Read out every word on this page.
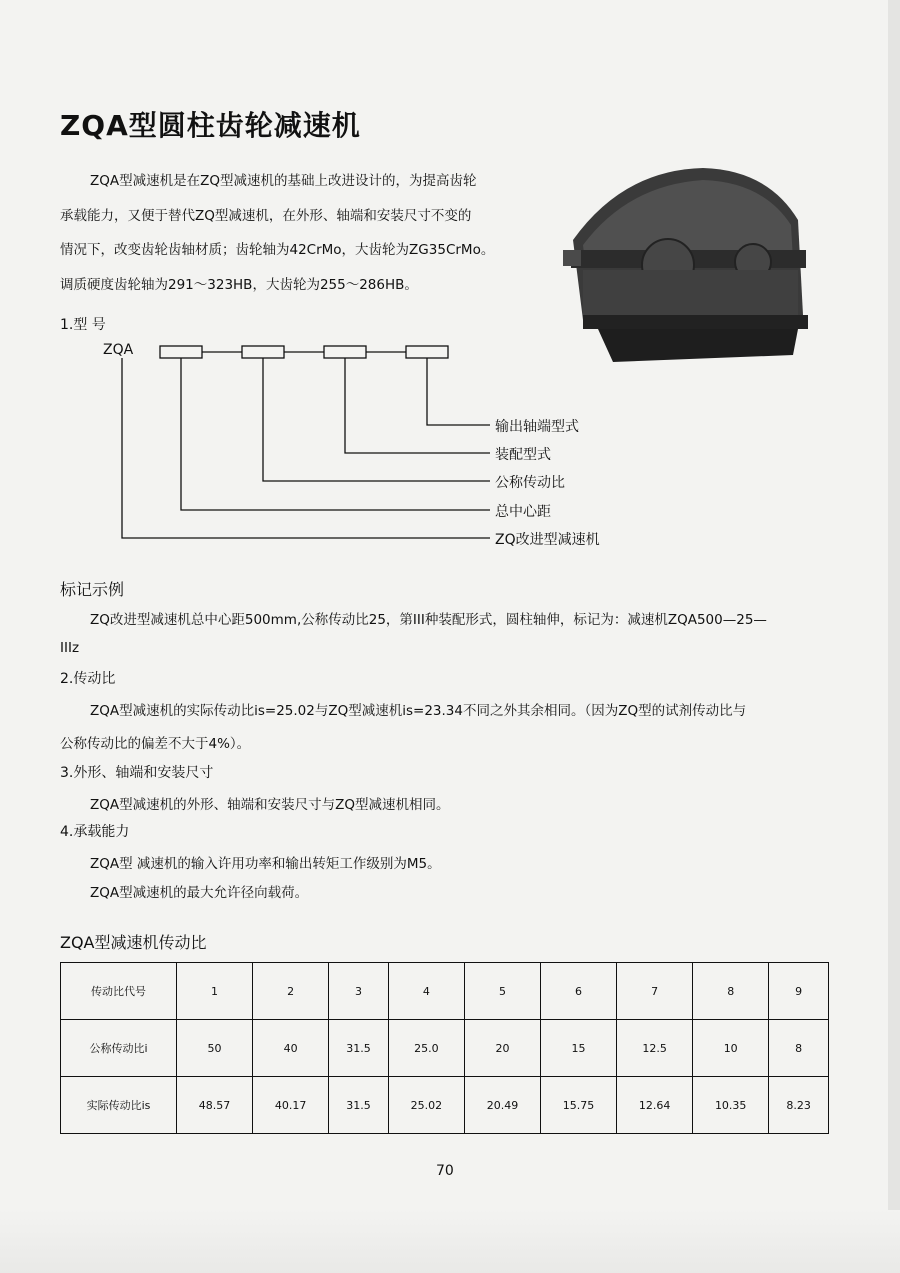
ZQA型圆柱齿轮减速机

ZQA型减速机是在ZQ型减速机的基础上改进设计的，为提高齿轮

承载能力，又便于替代ZQ型减速机，在外形、轴端和安装尺寸不变的

情况下，改变齿轮齿轴材质；齿轮轴为42CrMo，大齿轮为ZG35CrMo。

调质硬度齿轮轴为291～323HB，大齿轮为255～286HB。

1.型 号
ZQA
输出轴端型式
装配型式
公称传动比
总中心距
ZQ改进型减速机
标记示例
ZQ改进型减速机总中心距500mm,公称传动比25，第III种装配形式，圆柱轴伸，标记为：减速机ZQA500—25—
IIIz
2.传动比
ZQA型减速机的实际传动比is=25.02与ZQ型减速机is=23.34不同之外其余相同。（因为ZQ型的试剂传动比与
公称传动比的偏差不大于4%）。
3.外形、轴端和安装尺寸
ZQA型减速机的外形、轴端和安装尺寸与ZQ型减速机相同。
4.承载能力
ZQA型 减速机的输入许用功率和输出转矩工作级别为M5。
ZQA型减速机的最大允许径向载荷。
ZQA型减速机传动比
传动比代号	1	2	3	4	5	6	7	8	9
公称传动比i	50	40	31.5	25.0	20	15	12.5	10	8
实际传动比is	48.57	40.17	31.5	25.02	20.49	15.75	12.64	10.35	8.23
70
